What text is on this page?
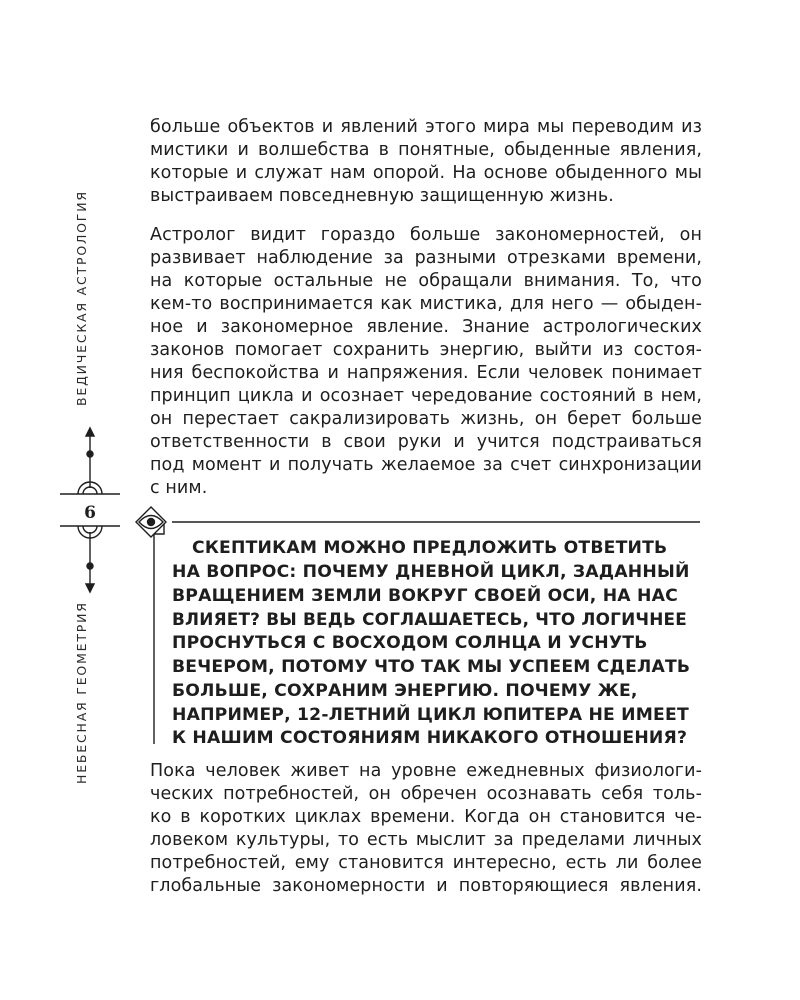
ВЕДИЧЕСКАЯ АСТРОЛОГИЯ
6
НЕБЕСНАЯ ГЕОМЕТРИЯ

больше объектов и явлений этого мира мы переводим из
мистики и волшебства в понятные, обыденные явления,
которые и служат нам опорой. На основе обыденного мы
выстраиваем повседневную защищенную жизнь.

Астролог видит гораздо больше закономерностей, он
развивает наблюдение за разными отрезками времени,
на которые остальные не обращали внимания. То, что
кем-то воспринимается как мистика, для него — обыден-
ное и закономерное явление. Знание астрологических
законов помогает сохранить энергию, выйти из состоя-
ния беспокойства и напряжения. Если человек понимает
принцип цикла и осознает чередование состояний в нем,
он перестает сакрализировать жизнь, он берет больше
ответственности в свои руки и учится подстраиваться
под момент и получать желаемое за счет синхронизации
с ним.

СКЕПТИКАМ МОЖНО ПРЕДЛОЖИТЬ ОТВЕТИТЬ
НА ВОПРОС: ПОЧЕМУ ДНЕВНОЙ ЦИКЛ, ЗАДАННЫЙ
ВРАЩЕНИЕМ ЗЕМЛИ ВОКРУГ СВОЕЙ ОСИ, НА НАС
ВЛИЯЕТ? ВЫ ВЕДЬ СОГЛАШАЕТЕСЬ, ЧТО ЛОГИЧНЕЕ
ПРОСНУТЬСЯ С ВОСХОДОМ СОЛНЦА И УСНУТЬ
ВЕЧЕРОМ, ПОТОМУ ЧТО ТАК МЫ УСПЕЕМ СДЕЛАТЬ
БОЛЬШЕ, СОХРАНИМ ЭНЕРГИЮ. ПОЧЕМУ ЖЕ,
НАПРИМЕР, 12-ЛЕТНИЙ ЦИКЛ ЮПИТЕРА НЕ ИМЕЕТ
К НАШИМ СОСТОЯНИЯМ НИКАКОГО ОТНОШЕНИЯ?

Пока человек живет на уровне ежедневных физиологи-
ческих потребностей, он обречен осознавать себя толь-
ко в коротких циклах времени. Когда он становится че-
ловеком культуры, то есть мыслит за пределами личных
потребностей, ему становится интересно, есть ли более
глобальные закономерности и повторяющиеся явления.
